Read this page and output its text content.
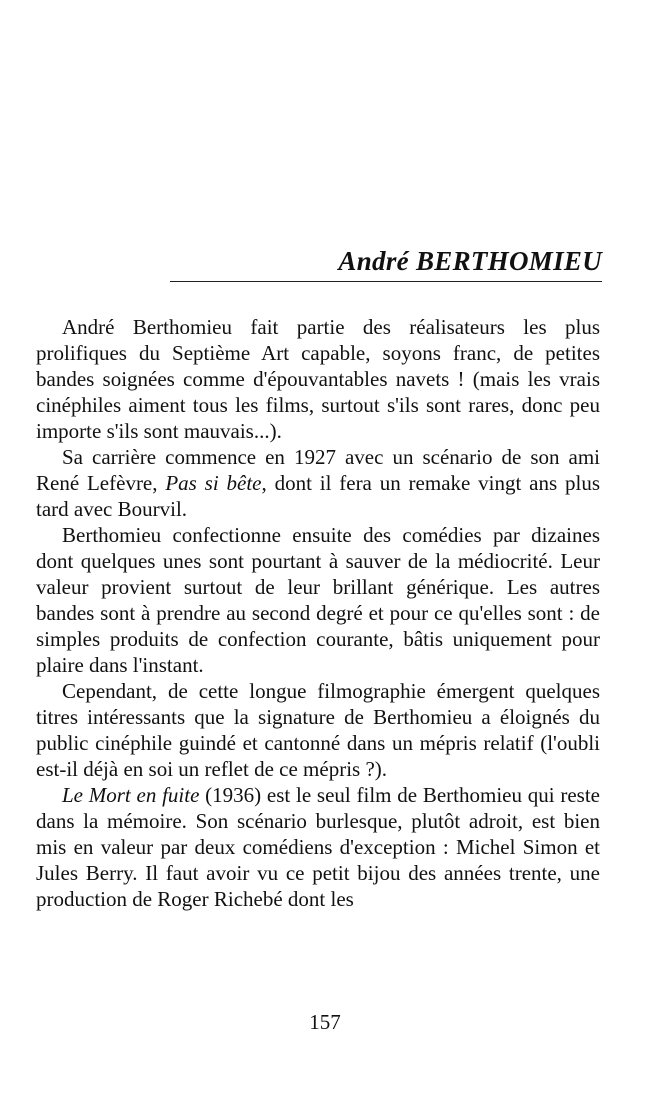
André BERTHOMIEU

André Berthomieu fait partie des réalisateurs les plus prolifiques du Septième Art capable, soyons franc, de petites bandes soignées comme d'épouvantables navets ! (mais les vrais cinéphiles aiment tous les films, surtout s'ils sont rares, donc peu importe s'ils sont mauvais...).

Sa carrière commence en 1927 avec un scénario de son ami René Lefèvre, Pas si bête, dont il fera un remake vingt ans plus tard avec Bourvil.

Berthomieu confectionne ensuite des comédies par dizaines dont quelques unes sont pourtant à sauver de la médiocrité. Leur valeur provient surtout de leur brillant générique. Les autres bandes sont à prendre au second degré et pour ce qu'elles sont : de simples produits de confection courante, bâtis uniquement pour plaire dans l'instant.

Cependant, de cette longue filmographie émergent quelques titres intéressants que la signature de Berthomieu a éloignés du public cinéphile guindé et cantonné dans un mépris relatif (l'oubli est-il déjà en soi un reflet de ce mépris ?).

Le Mort en fuite (1936) est le seul film de Berthomieu qui reste dans la mémoire. Son scénario burlesque, plutôt adroit, est bien mis en valeur par deux comédiens d'exception : Michel Simon et Jules Berry. Il faut avoir vu ce petit bijou des années trente, une production de Roger Richebé dont les

157
